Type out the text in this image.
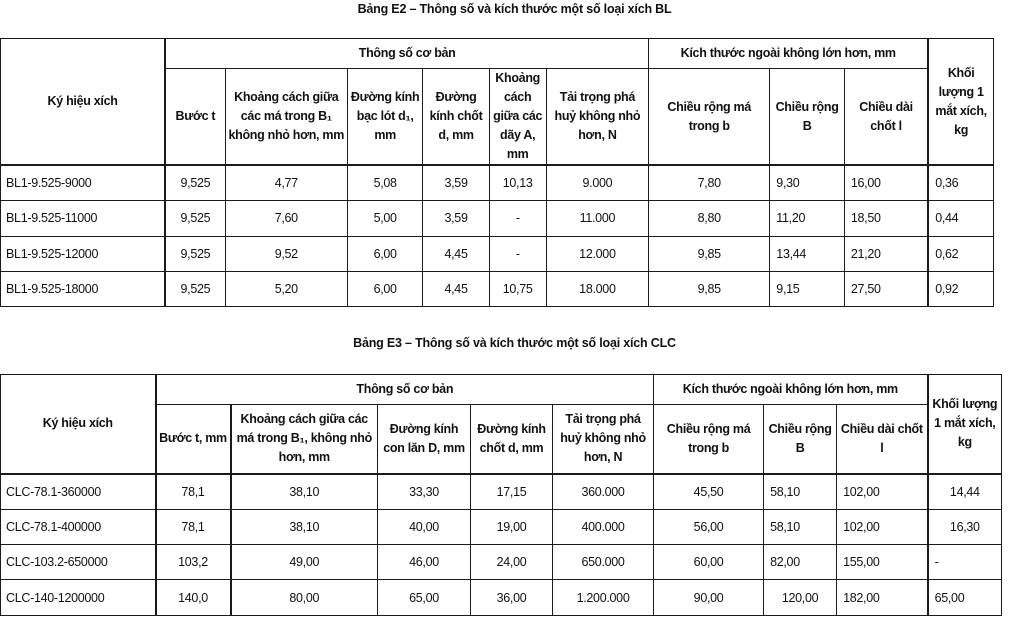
Bảng E2 – Thông số và kích thước một số loại xích BL
Ký hiệu xích	Thông số cơ bản						Kích thước ngoài không lớn hơn, mm			Khối lượng 1 mắt xích, kg
	Bước t	Khoảng cách giữa các má trong B₁ không nhỏ hơn, mm	Đường kính bạc lót d₁, mm	Đường kính chốt d, mm	Khoảng cách giữa các dãy A, mm	Tải trọng phá huỷ không nhỏ hơn, N	Chiều rộng má trong b	Chiều rộng B	Chiều dài chốt l	
BL1-9.525-9000	9,525	4,77	5,08	3,59	10,13	9.000	7,80	9,30	16,00	0,36
BL1-9.525-11000	9,525	7,60	5,00	3,59	-	11.000	8,80	11,20	18,50	0,44
BL1-9.525-12000	9,525	9,52	6,00	4,45	-	12.000	9,85	13,44	21,20	0,62
BL1-9.525-18000	9,525	5,20	6,00	4,45	10,75	18.000	9,85	9,15	27,50	0,92
Bảng E3 – Thông số và kích thước một số loại xích CLC
Ký hiệu xích	Thông số cơ bản					Kích thước ngoài không lớn hơn, mm			Khối lượng 1 mắt xích, kg
	Bước t, mm	Khoảng cách giữa các má trong B₁, không nhỏ hơn, mm	Đường kính con lăn D, mm	Đường kính chốt d, mm	Tải trọng phá huỷ không nhỏ hơn, N	Chiều rộng má trong b	Chiều rộng B	Chiều dài chốt l	
CLC-78.1-360000	78,1	38,10	33,30	17,15	360.000	45,50	58,10	102,00	14,44
CLC-78.1-400000	78,1	38,10	40,00	19,00	400.000	56,00	58,10	102,00	16,30
CLC-103.2-650000	103,2	49,00	46,00	24,00	650.000	60,00	82,00	155,00	-
CLC-140-1200000	140,0	80,00	65,00	36,00	1.200.000	90,00	120,00	182,00	65,00
